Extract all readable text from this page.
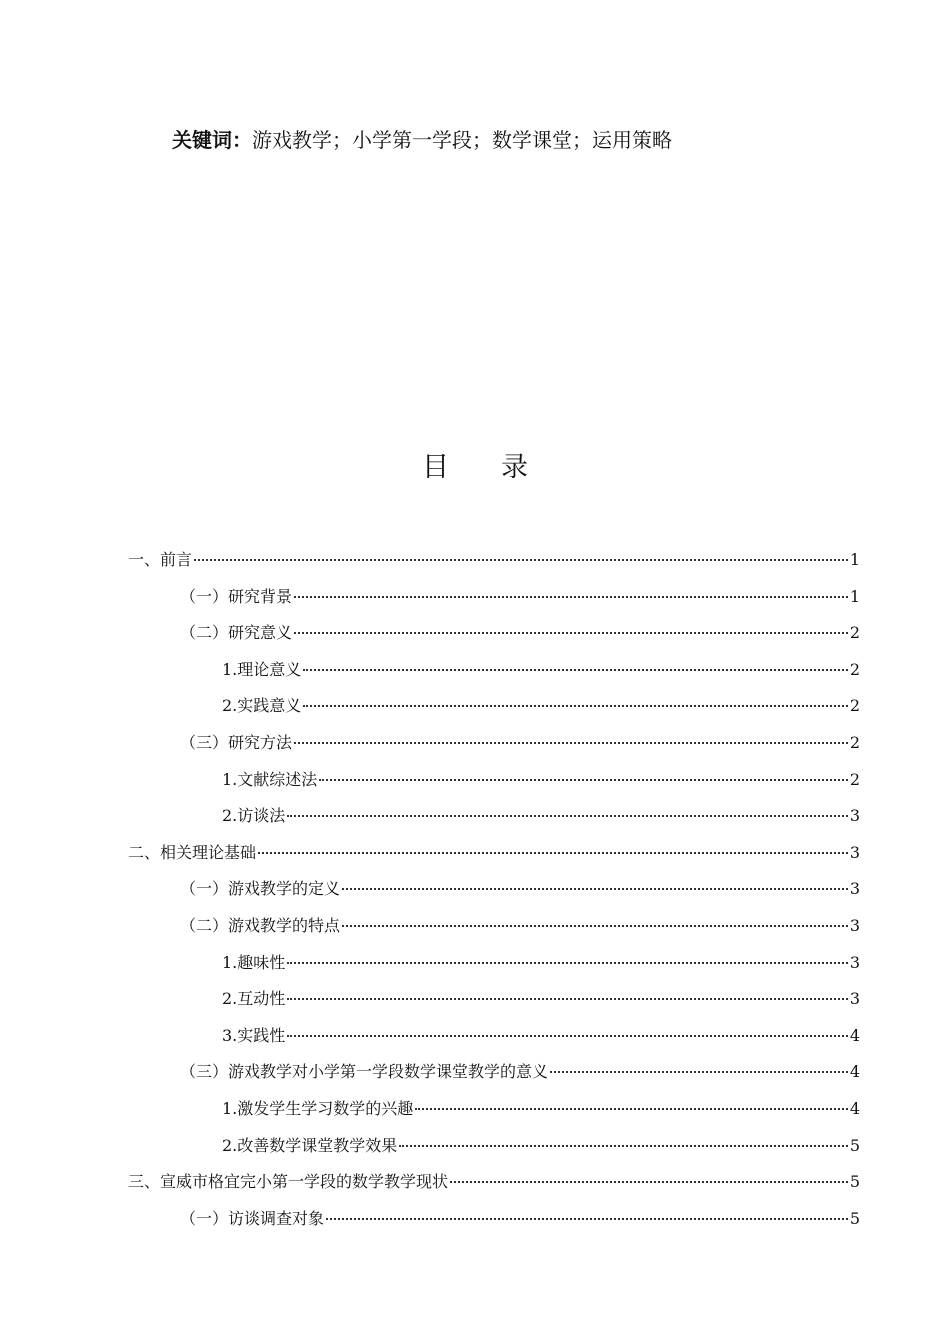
关键词：游戏教学；小学第一学段；数学课堂；运用策略
目 录
一、前言	1
（一）研究背景	1
（二）研究意义	2
1.理论意义	2
2.实践意义	2
（三）研究方法	2
1.文献综述法	2
2.访谈法	3
二、相关理论基础	3
（一）游戏教学的定义	3
（二）游戏教学的特点	3
1.趣味性	3
2.互动性	3
3.实践性	4
（三）游戏教学对小学第一学段数学课堂教学的意义	4
1.激发学生学习数学的兴趣	4
2.改善数学课堂教学效果	5
三、宣威市格宜完小第一学段的数学教学现状	5
（一）访谈调查对象	5
